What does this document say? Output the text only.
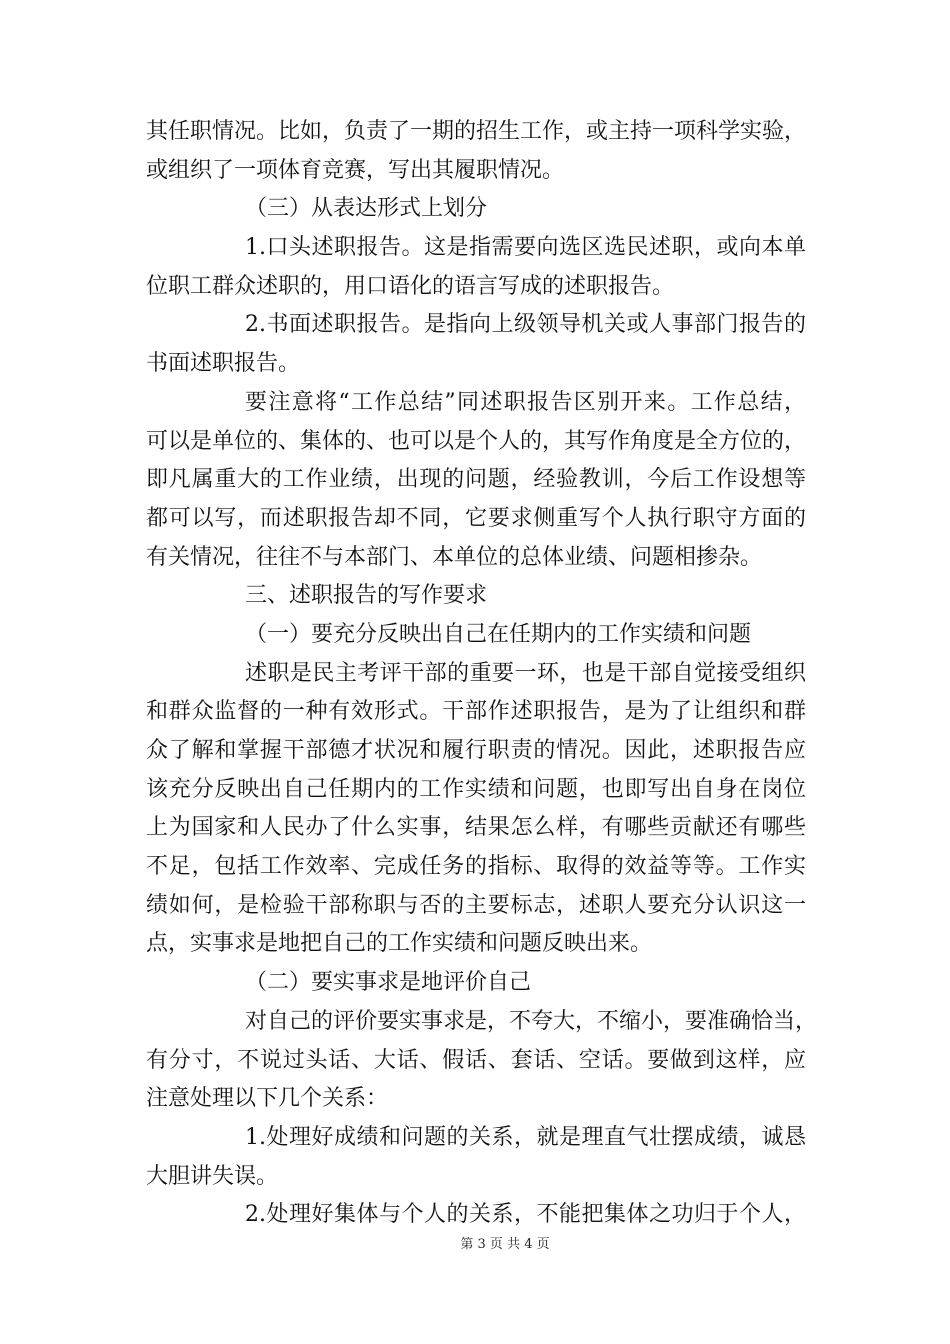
其任职情况。比如，负责了一期的招生工作，或主持一项科学实验，
或组织了一项体育竞赛，写出其履职情况。
（三）从表达形式上划分
1.口头述职报告。这是指需要向选区选民述职，或向本单
位职工群众述职的，用口语化的语言写成的述职报告。
2.书面述职报告。是指向上级领导机关或人事部门报告的
书面述职报告。
要注意将“工作总结”同述职报告区别开来。工作总结，
可以是单位的、集体的、也可以是个人的，其写作角度是全方位的，
即凡属重大的工作业绩，出现的问题，经验教训，今后工作设想等
都可以写，而述职报告却不同，它要求侧重写个人执行职守方面的
有关情况，往往不与本部门、本单位的总体业绩、问题相掺杂。
三、述职报告的写作要求
（一）要充分反映出自己在任期内的工作实绩和问题
述职是民主考评干部的重要一环，也是干部自觉接受组织
和群众监督的一种有效形式。干部作述职报告，是为了让组织和群
众了解和掌握干部德才状况和履行职责的情况。因此，述职报告应
该充分反映出自己任期内的工作实绩和问题，也即写出自身在岗位
上为国家和人民办了什么实事，结果怎么样，有哪些贡献还有哪些
不足，包括工作效率、完成任务的指标、取得的效益等等。工作实
绩如何，是检验干部称职与否的主要标志，述职人要充分认识这一
点，实事求是地把自己的工作实绩和问题反映出来。
（二）要实事求是地评价自己
对自己的评价要实事求是，不夸大，不缩小，要准确恰当，
有分寸，不说过头话、大话、假话、套话、空话。要做到这样，应
注意处理以下几个关系：
1.处理好成绩和问题的关系，就是理直气壮摆成绩，诚恳
大胆讲失误。
2.处理好集体与个人的关系，不能把集体之功归于个人，
第 3 页 共 4 页
